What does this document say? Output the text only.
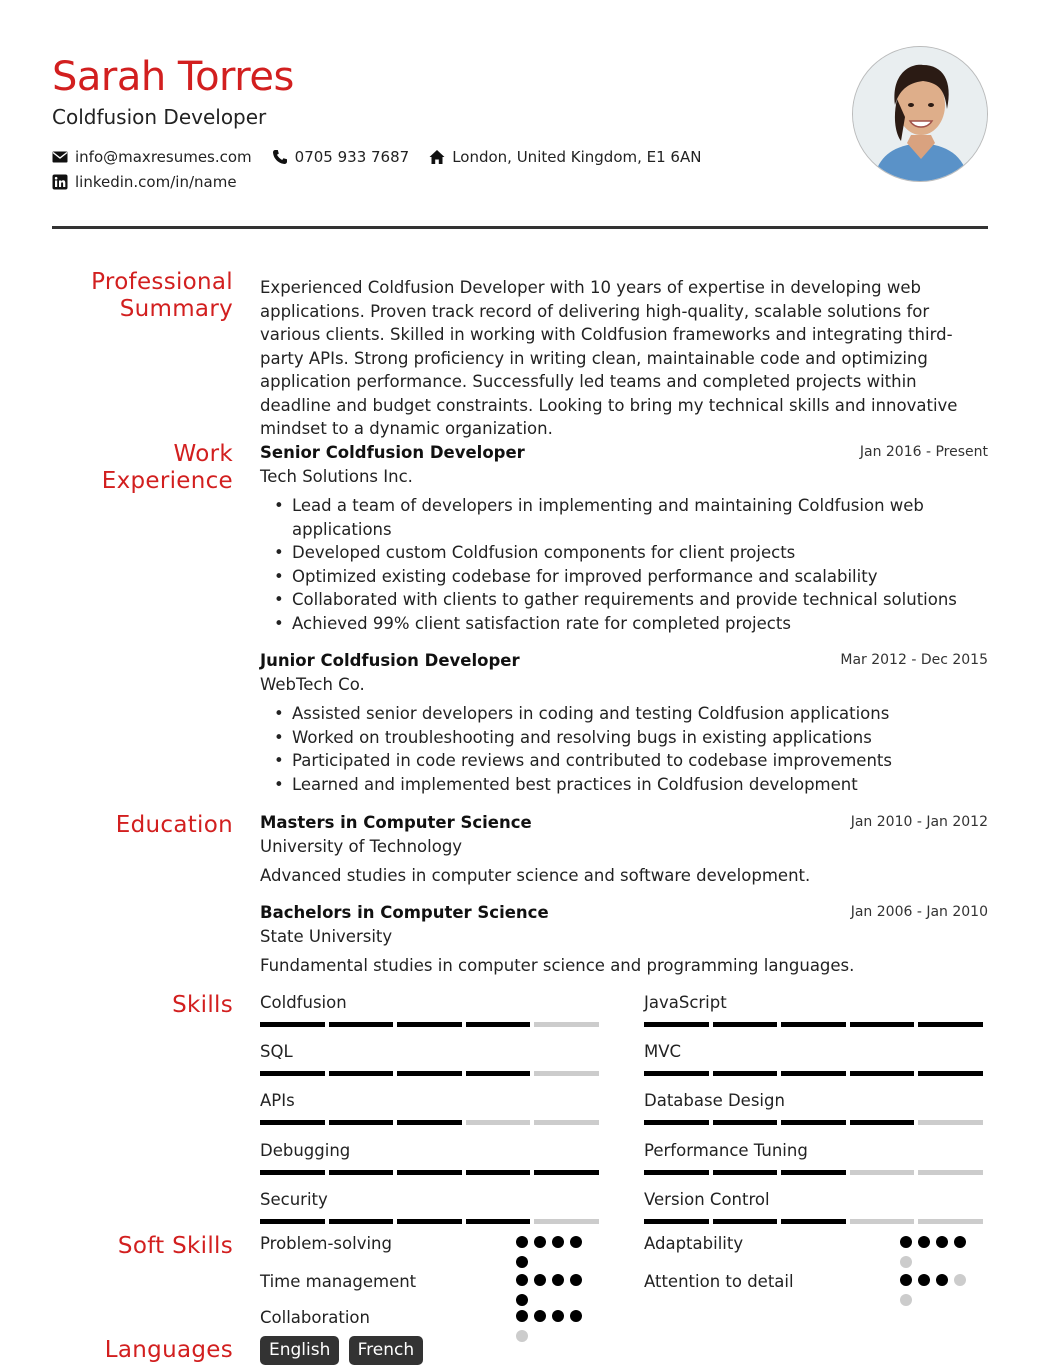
Sarah Torres
Coldfusion Developer
info@maxresumes.com	0705 933 7687	London, United Kingdom, E1 6AN
linkedin.com/in/name
Professional
Summary
Experienced Coldfusion Developer with 10 years of expertise in developing web applications. Proven track record of delivering high-quality, scalable solutions for various clients. Skilled in working with Coldfusion frameworks and integrating third-party APIs. Strong proficiency in writing clean, maintainable code and optimizing application performance. Successfully led teams and completed projects within deadline and budget constraints. Looking to bring my technical skills and innovative mindset to a dynamic organization.
Work
Experience
Jan 2016 - Present
Senior Coldfusion Developer
Tech Solutions Inc.
• Lead a team of developers in implementing and maintaining Coldfusion web applications
• Developed custom Coldfusion components for client projects
• Optimized existing codebase for improved performance and scalability
• Collaborated with clients to gather requirements and provide technical solutions
• Achieved 99% client satisfaction rate for completed projects
Mar 2012 - Dec 2015
Junior Coldfusion Developer
WebTech Co.
• Assisted senior developers in coding and testing Coldfusion applications
• Worked on troubleshooting and resolving bugs in existing applications
• Participated in code reviews and contributed to codebase improvements
• Learned and implemented best practices in Coldfusion development
Education	Jan 2010 - Jan 2012
Masters in Computer Science
University of Technology
Advanced studies in computer science and software development.
Jan 2006 - Jan 2010
Bachelors in Computer Science
State University
Fundamental studies in computer science and programming languages.
Skills Coldfusion	JavaScript
SQL	MVC
APIs	Database Design
Debugging	Performance Tuning
Security	Version Control
Soft Skills Problem-solving	Adaptability
Time management	Attention to detail
Collaboration
Languages	English French
